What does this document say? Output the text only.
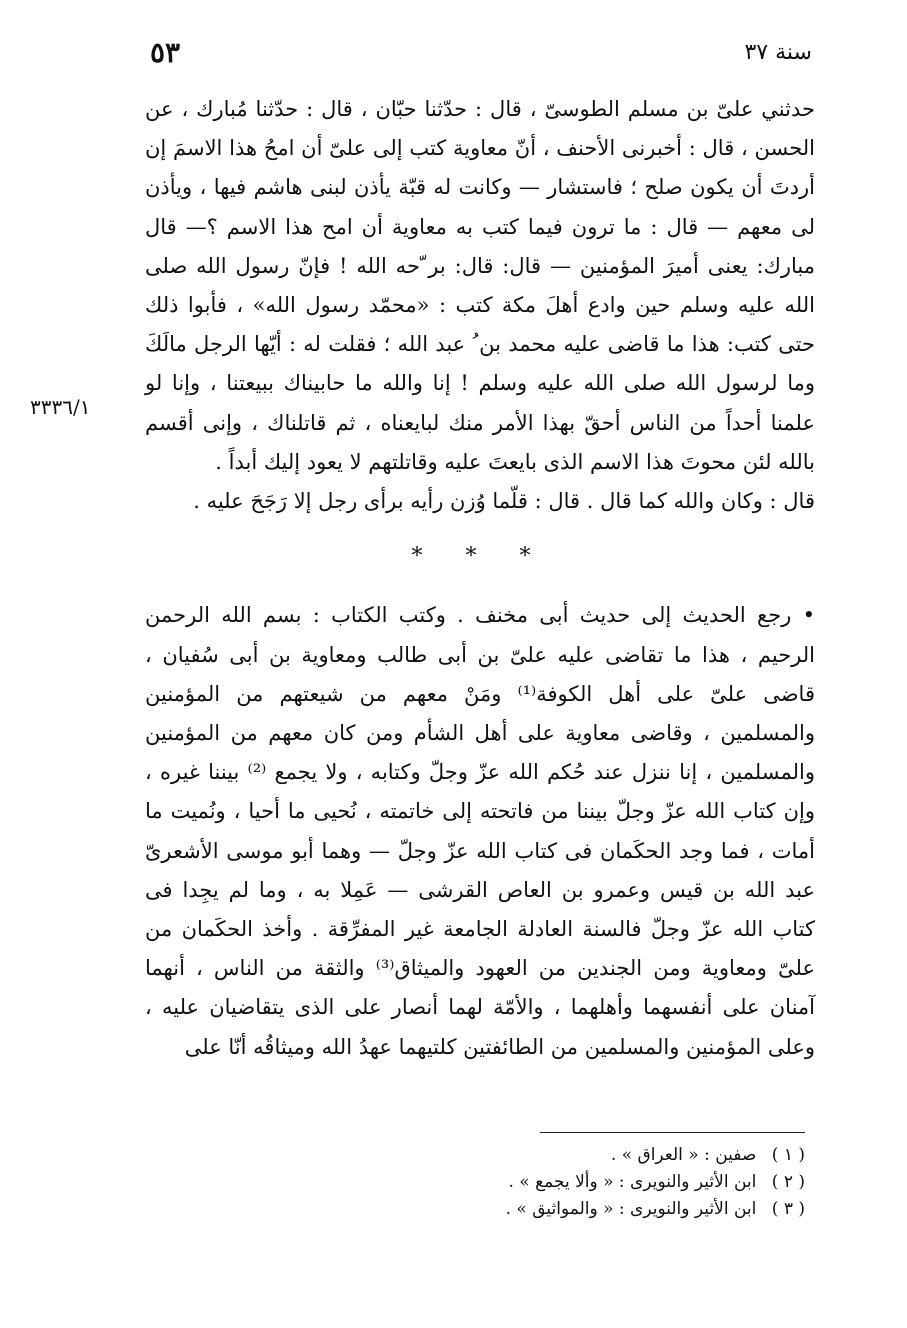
٥٣	سنة ٣٧
٣٣٣٦/١

حدثني علىّ بن مسلم الطوسىّ ، قال : حدّثنا حبّان ، قال : حدّثنا مُبارك ، عن الحسن ، قال : أخبرنى الأحنف ، أنّ معاوية كتب إلى علىّ أن امحُ هذا الاسمَ إن أردتَ أن يكون صلح ؛ فاستشار — وكانت له قبّة يأذن لبنى هاشم فيها ، ويأذن لى معهم — قال : ما ترون فيما كتب به معاوية أن امح هذا الاسم ؟— قال مبارك: يعنى أميرَ المؤمنين — قال: قال: بر ّحه الله ! فإنّ رسول الله صلى الله عليه وسلم حين وادع أهلَ مكة كتب : «محمّد رسول الله» ، فأبوا ذلك حتى كتب: هذا ما قاضى عليه محمد بن ُ عبد الله ؛ فقلت له : أيّها الرجل مالَكَ وما لرسول الله صلى الله عليه وسلم ! إنا والله ما حابيناك ببيعتنا ، وإنا لو علمنا أحداً من الناس أحقّ بهذا الأمر منك لبايعناه ، ثم قاتلناك ، وإنى أقسم بالله لئن محوتَ هذا الاسم الذى بايعتَ عليه وقاتلتهم لا يعود إليك أبداً .

قال : وكان والله كما قال . قال : قلّما وُزن رأيه برأى رجل إلا رَجَحَ عليه .

* * *

• رجع الحديث إلى حديث أبى مخنف . وكتب الكتاب : بسم الله الرحمن الرحيم ، هذا ما تقاضى عليه علىّ بن أبى طالب ومعاوية بن أبى سُفيان ، قاضى علىّ على أهل الكوفة⁽¹⁾ ومَنْ معهم من شيعتهم من المؤمنين والمسلمين ، وقاضى معاوية على أهل الشأم ومن كان معهم من المؤمنين والمسلمين ، إنا ننزل عند حُكم الله عزّ وجلّ وكتابه ، ولا يجمع ⁽²⁾ بيننا غيره ، وإن كتاب الله عزّ وجلّ بيننا من فاتحته إلى خاتمته ، نُحيى ما أحيا ، ونُميت ما أمات ، فما وجد الحكَمان فى كتاب الله عزّ وجلّ — وهما أبو موسى الأشعرىّ عبد الله بن قيس وعمرو بن العاص القرشى — عَمِلا به ، وما لم يجِدا فى كتاب الله عزّ وجلّ فالسنة العادلة الجامعة غير المفرِّقة . وأخذ الحكَمان من علىّ ومعاوية ومن الجندين من العهود والميثاق⁽³⁾ والثقة من الناس ، أنهما آمنان على أنفسهما وأهلهما ، والأمّة لهما أنصار على الذى يتقاضيان عليه ، وعلى المؤمنين والمسلمين من الطائفتين كلتيهما عهدُ الله وميثاقُه أنّا على

( ١ ) صفين : « العراق » .

( ٢ ) ابن الأثير والنويرى : « وألا يجمع » .

( ٣ ) ابن الأثير والنويرى : « والمواثيق » .
